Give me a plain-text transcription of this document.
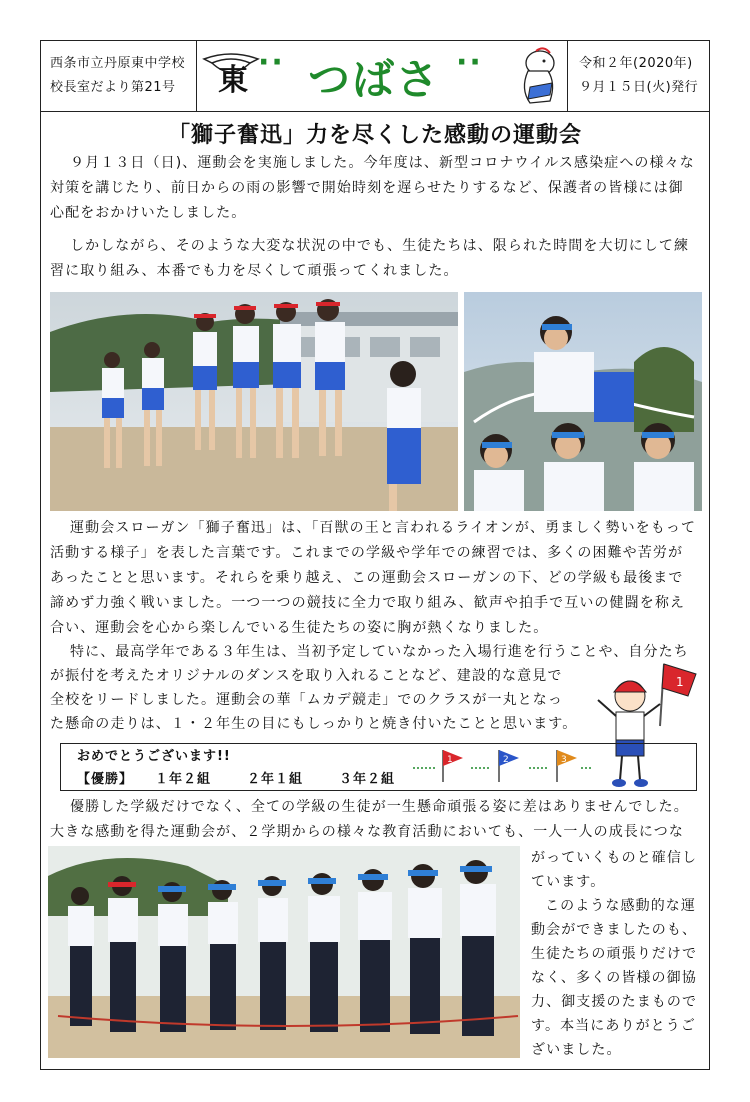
西条市立丹原東中学校
校長室だより第21号
令和２年(2020年)
９月１５日(火)発行
東
·· つばさ ··
「獅子奮迅」力を尽くした感動の運動会
９月１３日（日)、運動会を実施しました。今年度は、新型コロナウイルス感染症への様々な
対策を講じたり、前日からの雨の影響で開始時刻を遅らせたりするなど、保護者の皆様には御
心配をおかけいたしました。
しかしながら、そのような大変な状況の中でも、生徒たちは、限られた時間を大切にして練
習に取り組み、本番でも力を尽くして頑張ってくれました。
運動会スローガン「獅子奮迅」は、「百獣の王と言われるライオンが、勇ましく勢いをもって
活動する様子」を表した言葉です。これまでの学級や学年での練習では、多くの困難や苦労が
あったことと思います。それらを乗り越え、この運動会スローガンの下、どの学級も最後まで
諦めず力強く戦いました。一つ一つの競技に全力で取り組み、歓声や拍手で互いの健闘を称え
合い、運動会を心から楽しんでいる生徒たちの姿に胸が熱くなりました。
特に、最高学年である３年生は、当初予定していなかった入場行進を行うことや、自分たち
が振付を考えたオリジナルのダンスを取り入れることなど、建設的な意見で
全校をリードしました。運動会の華「ムカデ競走」でのクラスが一丸となっ
た懸命の走りは、１・２年生の目にもしっかりと焼き付いたことと思います。
1
おめでとうございます!!
【優勝】 １年２組	２年１組	３年２組
1	2	3
優勝した学級だけでなく、全ての学級の生徒が一生懸命頑張る姿に差はありませんでした。
大きな感動を得た運動会が、２学期からの様々な教育活動においても、一人一人の成長につな
がっていくものと確信し
ています。
このような感動的な運
動会ができましたのも、
生徒たちの頑張りだけで
なく、多くの皆様の御協
力、御支援のたまもので
す。本当にありがとうご
ざいました。
